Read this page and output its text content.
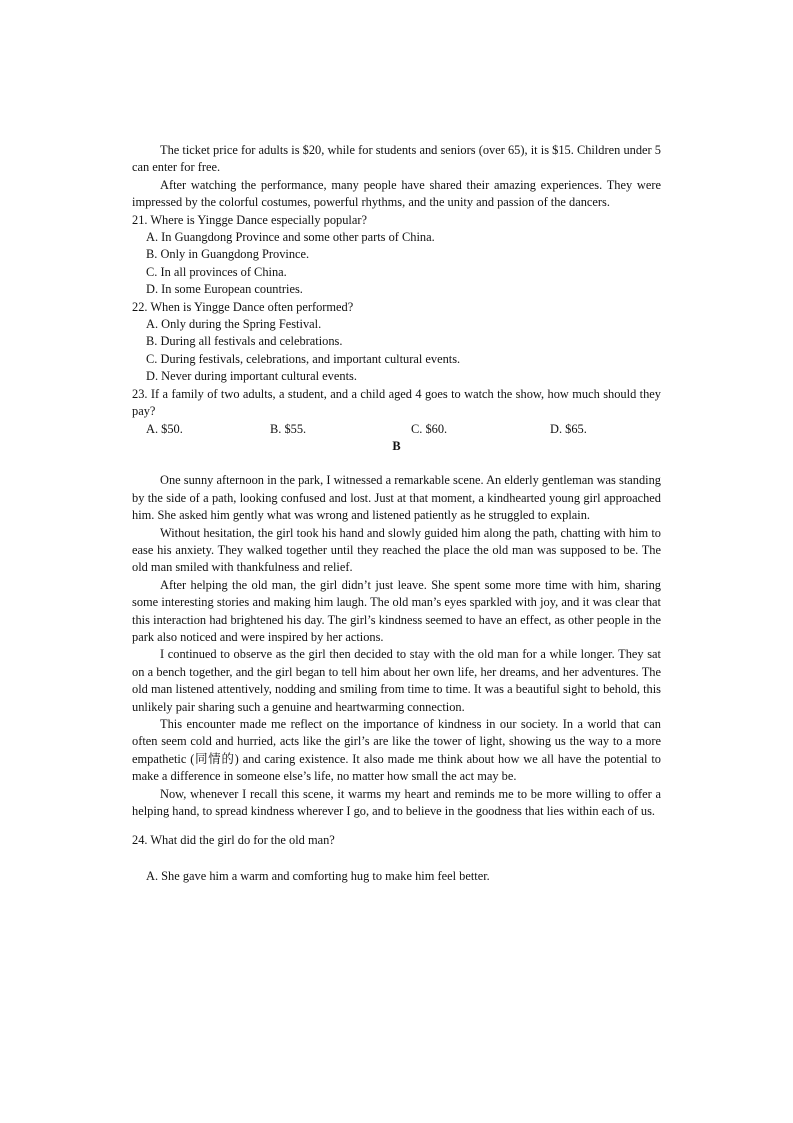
The ticket price for adults is $20, while for students and seniors (over 65), it is $15. Children under 5 can enter for free.

After watching the performance, many people have shared their amazing experiences. They were impressed by the colorful costumes, powerful rhythms, and the unity and passion of the dancers.

21. Where is Yingge Dance especially popular?

A. In Guangdong Province and some other parts of China.

B. Only in Guangdong Province.

C. In all provinces of China.

D. In some European countries.

22. When is Yingge Dance often performed?

A. Only during the Spring Festival.

B. During all festivals and celebrations.

C. During festivals, celebrations, and important cultural events.

D. Never during important cultural events.

23. If a family of two adults, a student, and a child aged 4 goes to watch the show, how much should they pay?

A. $50.	B. $55.	C. $60.	D. $65.

B

One sunny afternoon in the park, I witnessed a remarkable scene. An elderly gentleman was standing by the side of a path, looking confused and lost. Just at that moment, a kindhearted young girl approached him. She asked him gently what was wrong and listened patiently as he struggled to explain.

Without hesitation, the girl took his hand and slowly guided him along the path, chatting with him to ease his anxiety. They walked together until they reached the place the old man was supposed to be. The old man smiled with thankfulness and relief.

After helping the old man, the girl didn’t just leave. She spent some more time with him, sharing some interesting stories and making him laugh. The old man’s eyes sparkled with joy, and it was clear that this interaction had brightened his day. The girl’s kindness seemed to have an effect, as other people in the park also noticed and were inspired by her actions.

I continued to observe as the girl then decided to stay with the old man for a while longer. They sat on a bench together, and the girl began to tell him about her own life, her dreams, and her adventures. The old man listened attentively, nodding and smiling from time to time. It was a beautiful sight to behold, this unlikely pair sharing such a genuine and heartwarming connection.

This encounter made me reflect on the importance of kindness in our society. In a world that can often seem cold and hurried, acts like the girl’s are like the tower of light, showing us the way to a more empathetic (同情的) and caring existence. It also made me think about how we all have the potential to make a difference in someone else’s life, no matter how small the act may be.

Now, whenever I recall this scene, it warms my heart and reminds me to be more willing to offer a helping hand, to spread kindness wherever I go, and to believe in the goodness that lies within each of us.

24. What did the girl do for the old man?

A. She gave him a warm and comforting hug to make him feel better.
